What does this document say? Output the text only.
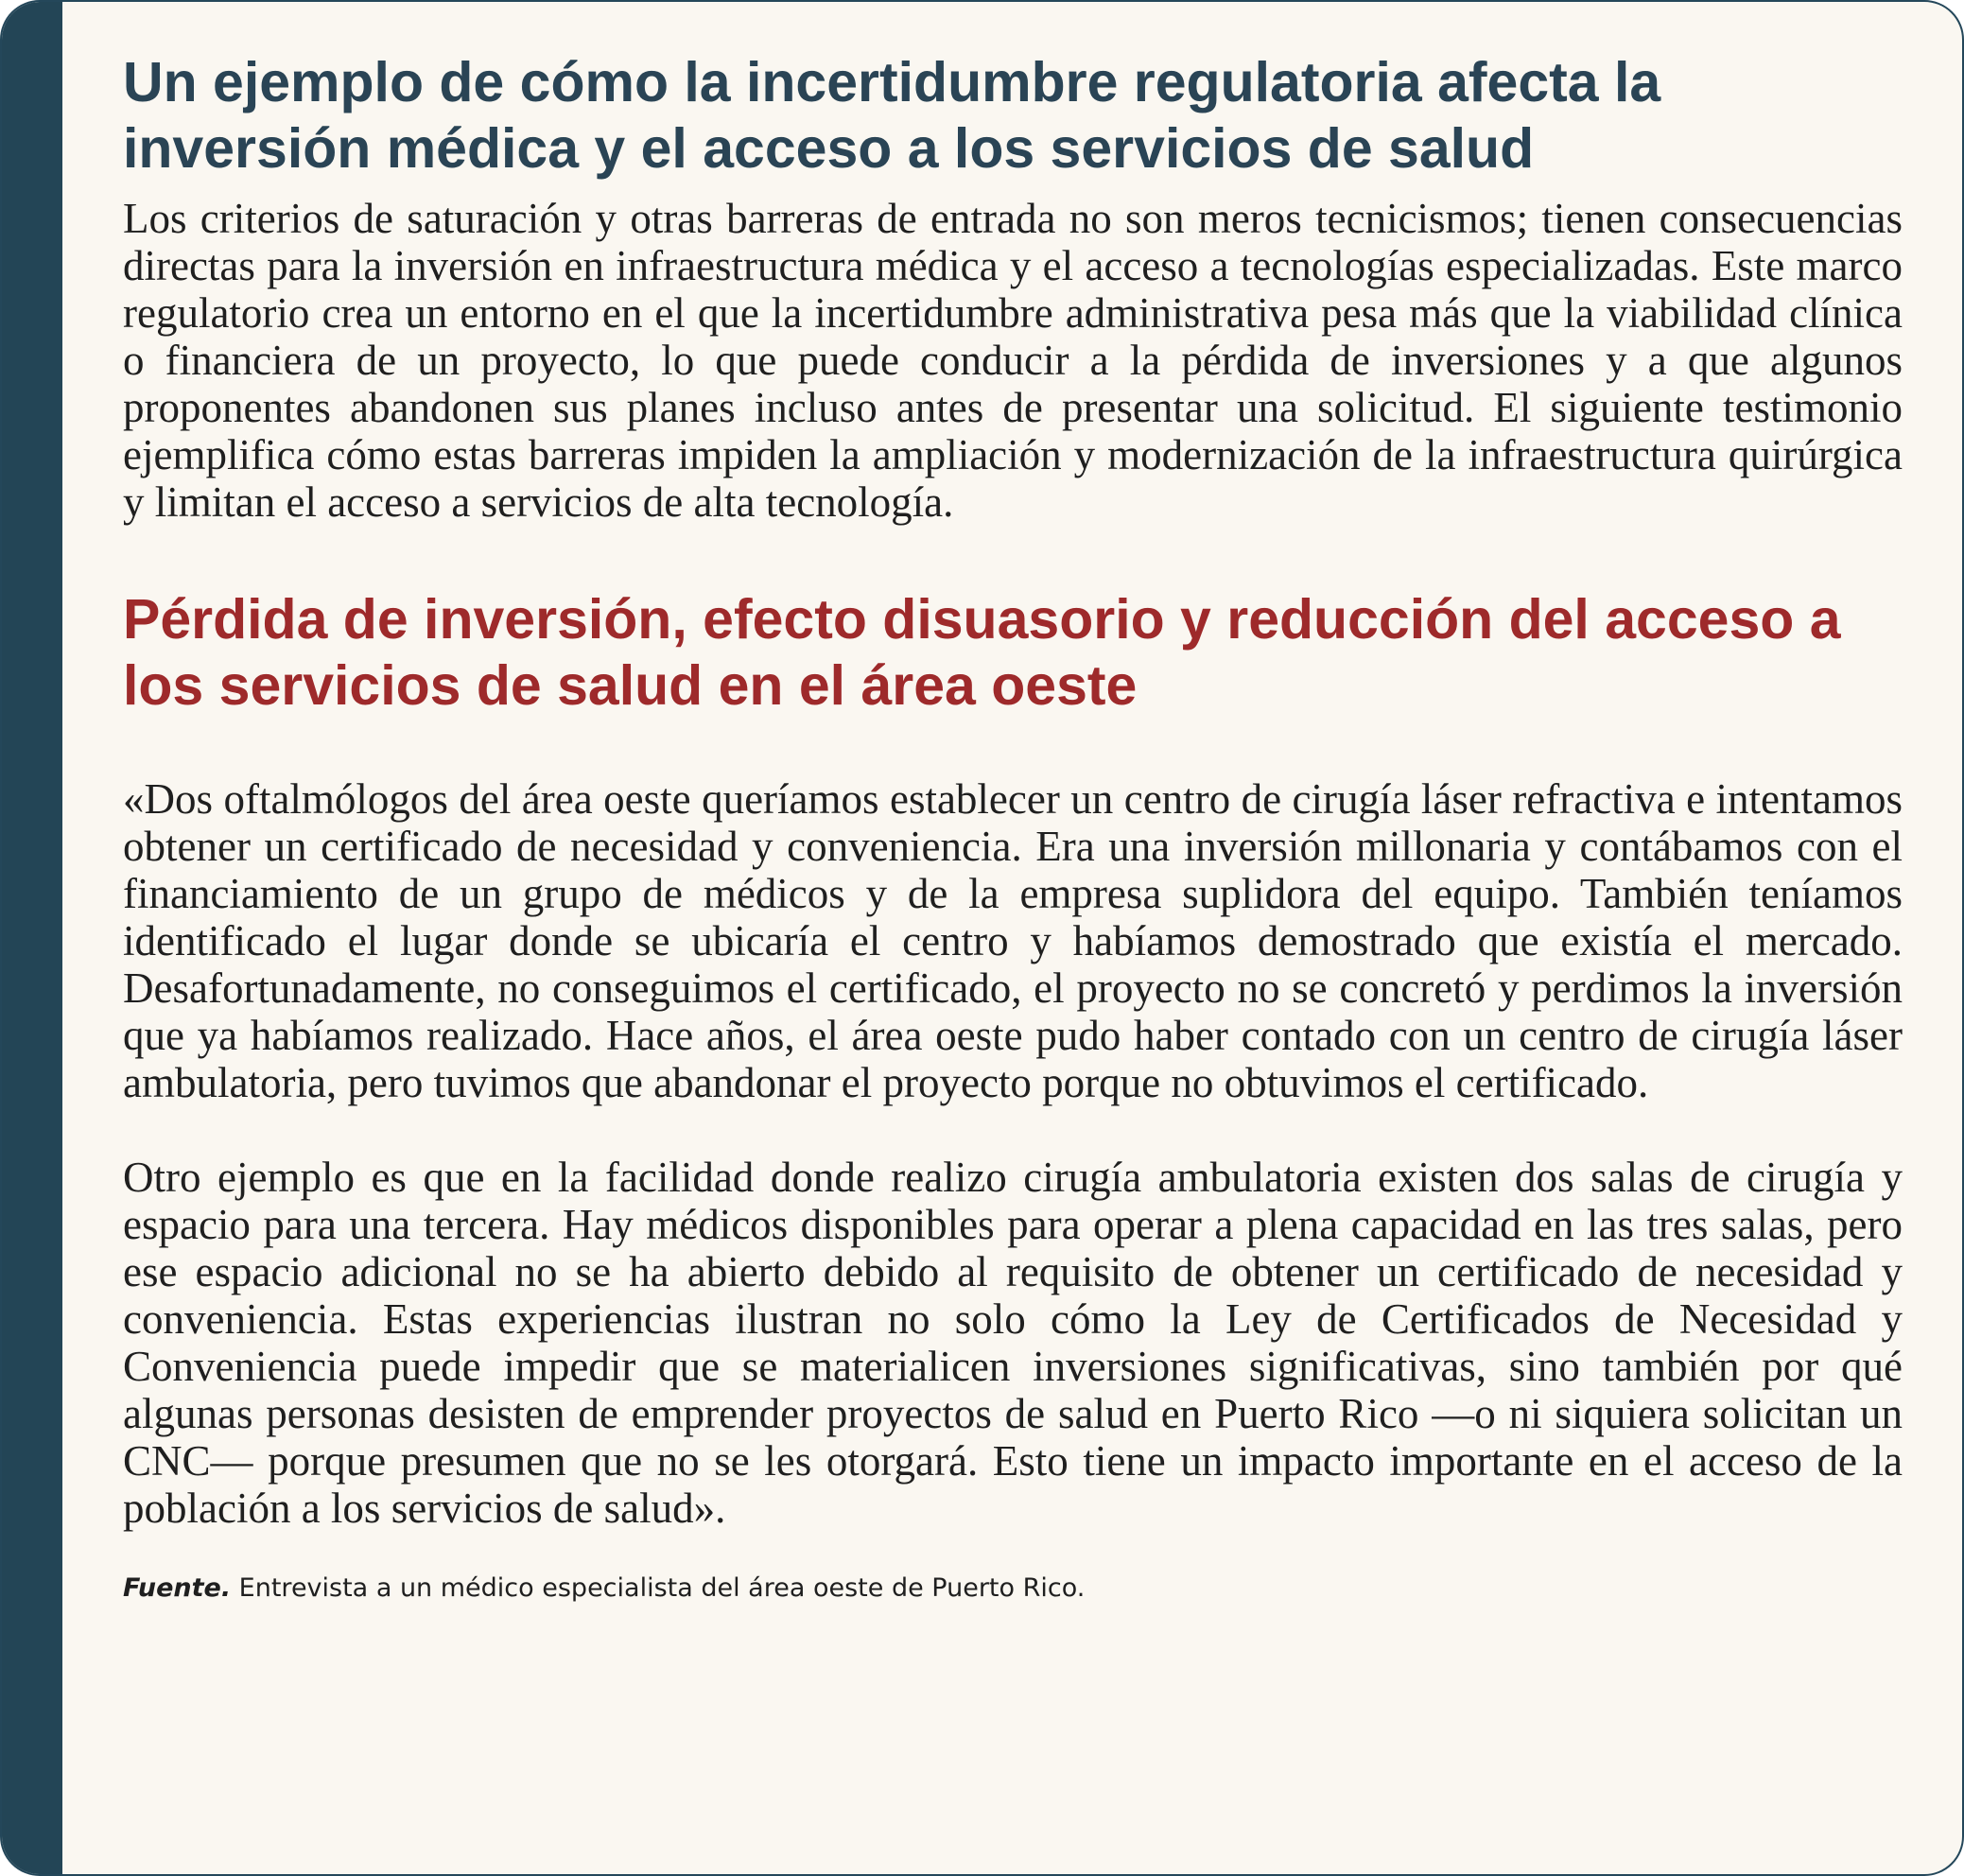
Un ejemplo de cómo la incertidumbre regulatoria afecta la inversión médica y el acceso a los servicios de salud

Los criterios de saturación y otras barreras de entrada no son meros tecnicismos; tienen consecuencias directas para la inversión en infraestructura médica y el acceso a tecnologías especializadas. Este marco regulatorio crea un entorno en el que la incertidumbre administrativa pesa más que la viabilidad clínica o financiera de un proyecto, lo que puede conducir a la pérdida de inversiones y a que algunos proponentes abandonen sus planes incluso antes de presentar una solicitud. El siguiente testimonio ejemplifica cómo estas barreras impiden la ampliación y modernización de la infraestructura quirúrgica y limitan el acceso a servicios de alta tecnología.

Pérdida de inversión, efecto disuasorio y reducción del acceso a los servicios de salud en el área oeste

«Dos oftalmólogos del área oeste queríamos establecer un centro de cirugía láser refractiva e intentamos obtener un certificado de necesidad y conveniencia. Era una inversión millonaria y contábamos con el financiamiento de un grupo de médicos y de la empresa suplidora del equipo. También teníamos identificado el lugar donde se ubicaría el centro y habíamos demostrado que existía el mercado. Desafortunadamente, no conseguimos el certificado, el proyecto no se concretó y perdimos la inversión que ya habíamos realizado. Hace años, el área oeste pudo haber contado con un centro de cirugía láser ambulatoria, pero tuvimos que abandonar el proyecto porque no obtuvimos el certificado.

Otro ejemplo es que en la facilidad donde realizo cirugía ambulatoria existen dos salas de cirugía y espacio para una tercera. Hay médicos disponibles para operar a plena capacidad en las tres salas, pero ese espacio adicional no se ha abierto debido al requisito de obtener un certificado de necesidad y conveniencia. Estas experiencias ilustran no solo cómo la Ley de Certificados de Necesidad y Conveniencia puede impedir que se materialicen inversiones significativas, sino también por qué algunas personas desisten de emprender proyectos de salud en Puerto Rico —o ni siquiera solicitan un CNC— porque presumen que no se les otorgará. Esto tiene un impacto importante en el acceso de la población a los servicios de salud».

Fuente. Entrevista a un médico especialista del área oeste de Puerto Rico.
